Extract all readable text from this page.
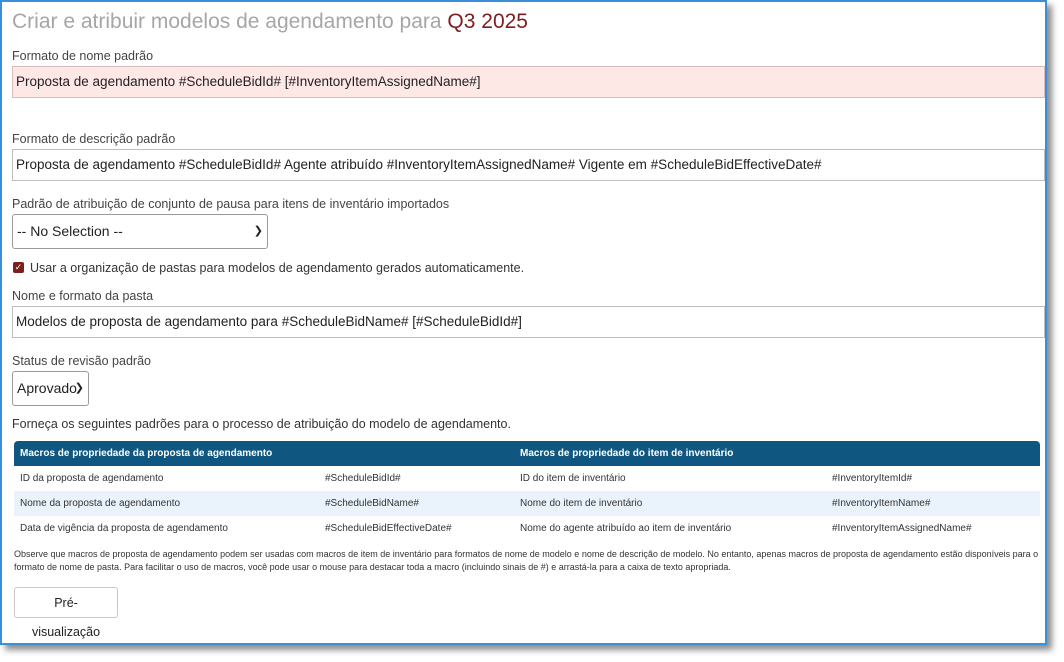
Criar e atribuir modelos de agendamento para Q3 2025
Formato de nome padrão
Proposta de agendamento #ScheduleBidId# [#InventoryItemAssignedName#]
Formato de descrição padrão
Proposta de agendamento #ScheduleBidId# Agente atribuído #InventoryItemAssignedName# Vigente em #ScheduleBidEffectiveDate#
Padrão de atribuição de conjunto de pausa para itens de inventário importados
-- No Selection --	❯
✓ Usar a organização de pastas para modelos de agendamento gerados automaticamente.
Nome e formato da pasta
Modelos de proposta de agendamento para #ScheduleBidName# [#ScheduleBidId#]
Status de revisão padrão
Aprovado
❯
Forneça os seguintes padrões para o processo de atribuição do modelo de agendamento.
Macros de propriedade da proposta de agendamento		Macros de propriedade do item de inventário	
ID da proposta de agendamento	#ScheduleBidId#	ID do item de inventário	#InventoryItemId#
Nome da proposta de agendamento	#ScheduleBidName#	Nome do item de inventário	#InventoryItemName#
Data de vigência da proposta de agendamento	#ScheduleBidEffectiveDate#	Nome do agente atribuído ao item de inventário	#InventoryItemAssignedName#
Observe que macros de proposta de agendamento podem ser usadas com macros de item de inventário para formatos de nome de modelo e nome de descrição de modelo. No entanto, apenas macros de proposta de agendamento estão disponíveis para o formato de nome de pasta. Para facilitar o uso de macros, você pode usar o mouse para destacar toda a macro (incluindo sinais de #) e arrastá-la para a caixa de texto apropriada.
Pré-visualização
